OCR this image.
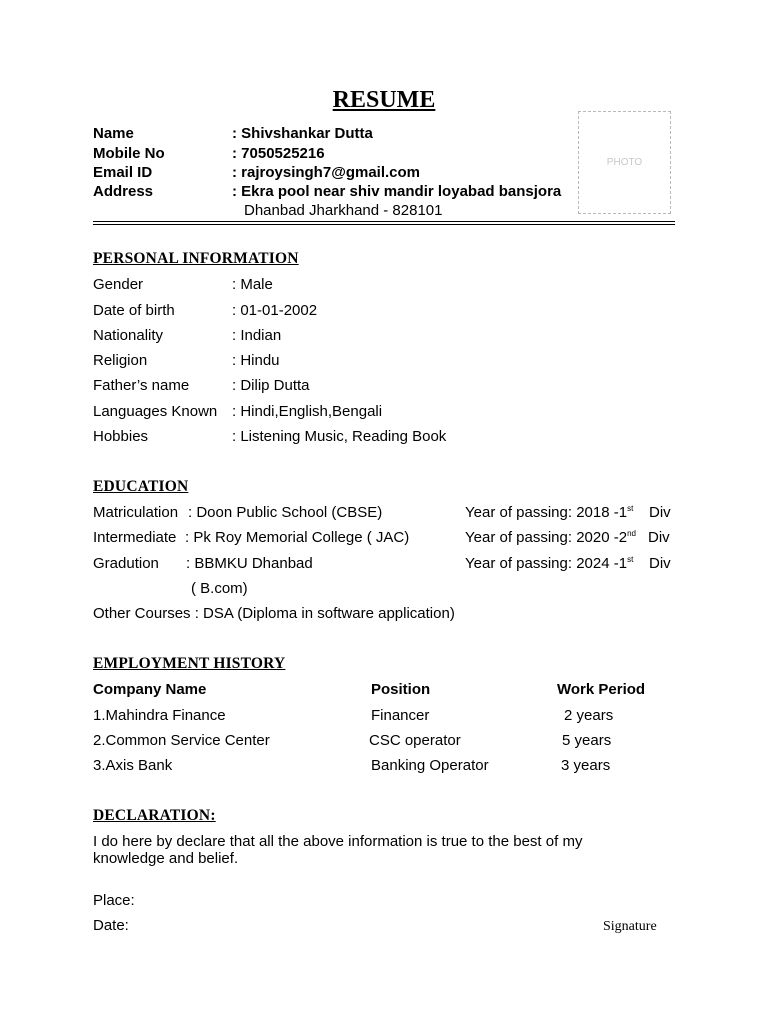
RESUME
PHOTO
Name	: Shivshankar Dutta
Mobile No	: 7050525216
Email ID	: rajroysingh7@gmail.com
Address	: Ekra pool near shiv mandir loyabad bansjora
Dhanbad Jharkhand - 828101
PERSONAL INFORMATION
Gender	: Male
Date of birth	: 01-01-2002
Nationality	: Indian
Religion	: Hindu
Father’s name	: Dilip Dutta
Languages Known : Hindi,English,Bengali
Hobbies	: Listening Music, Reading Book
EDUCATION
Matriculation : Doon Public School (CBSE)	Year of passing: 2018 -1st Div
Intermediate : Pk Roy Memorial College ( JAC)	Year of passing: 2020 -2nd Div
Gradution : BBMKU Dhanbad	Year of passing: 2024 -1st Div
( B.com)
Other Courses : DSA (Diploma in software application)
EMPLOYMENT HISTORY
Company Name	Position	Work Period
1.Mahindra Finance	Financer	2 years
2.Common Service Center	CSC operator	5 years
3.Axis Bank	Banking Operator	3 years
DECLARATION:
I do here by declare that all the above information is true to the best of my
knowledge and belief.
Place:
Date:	Signature
